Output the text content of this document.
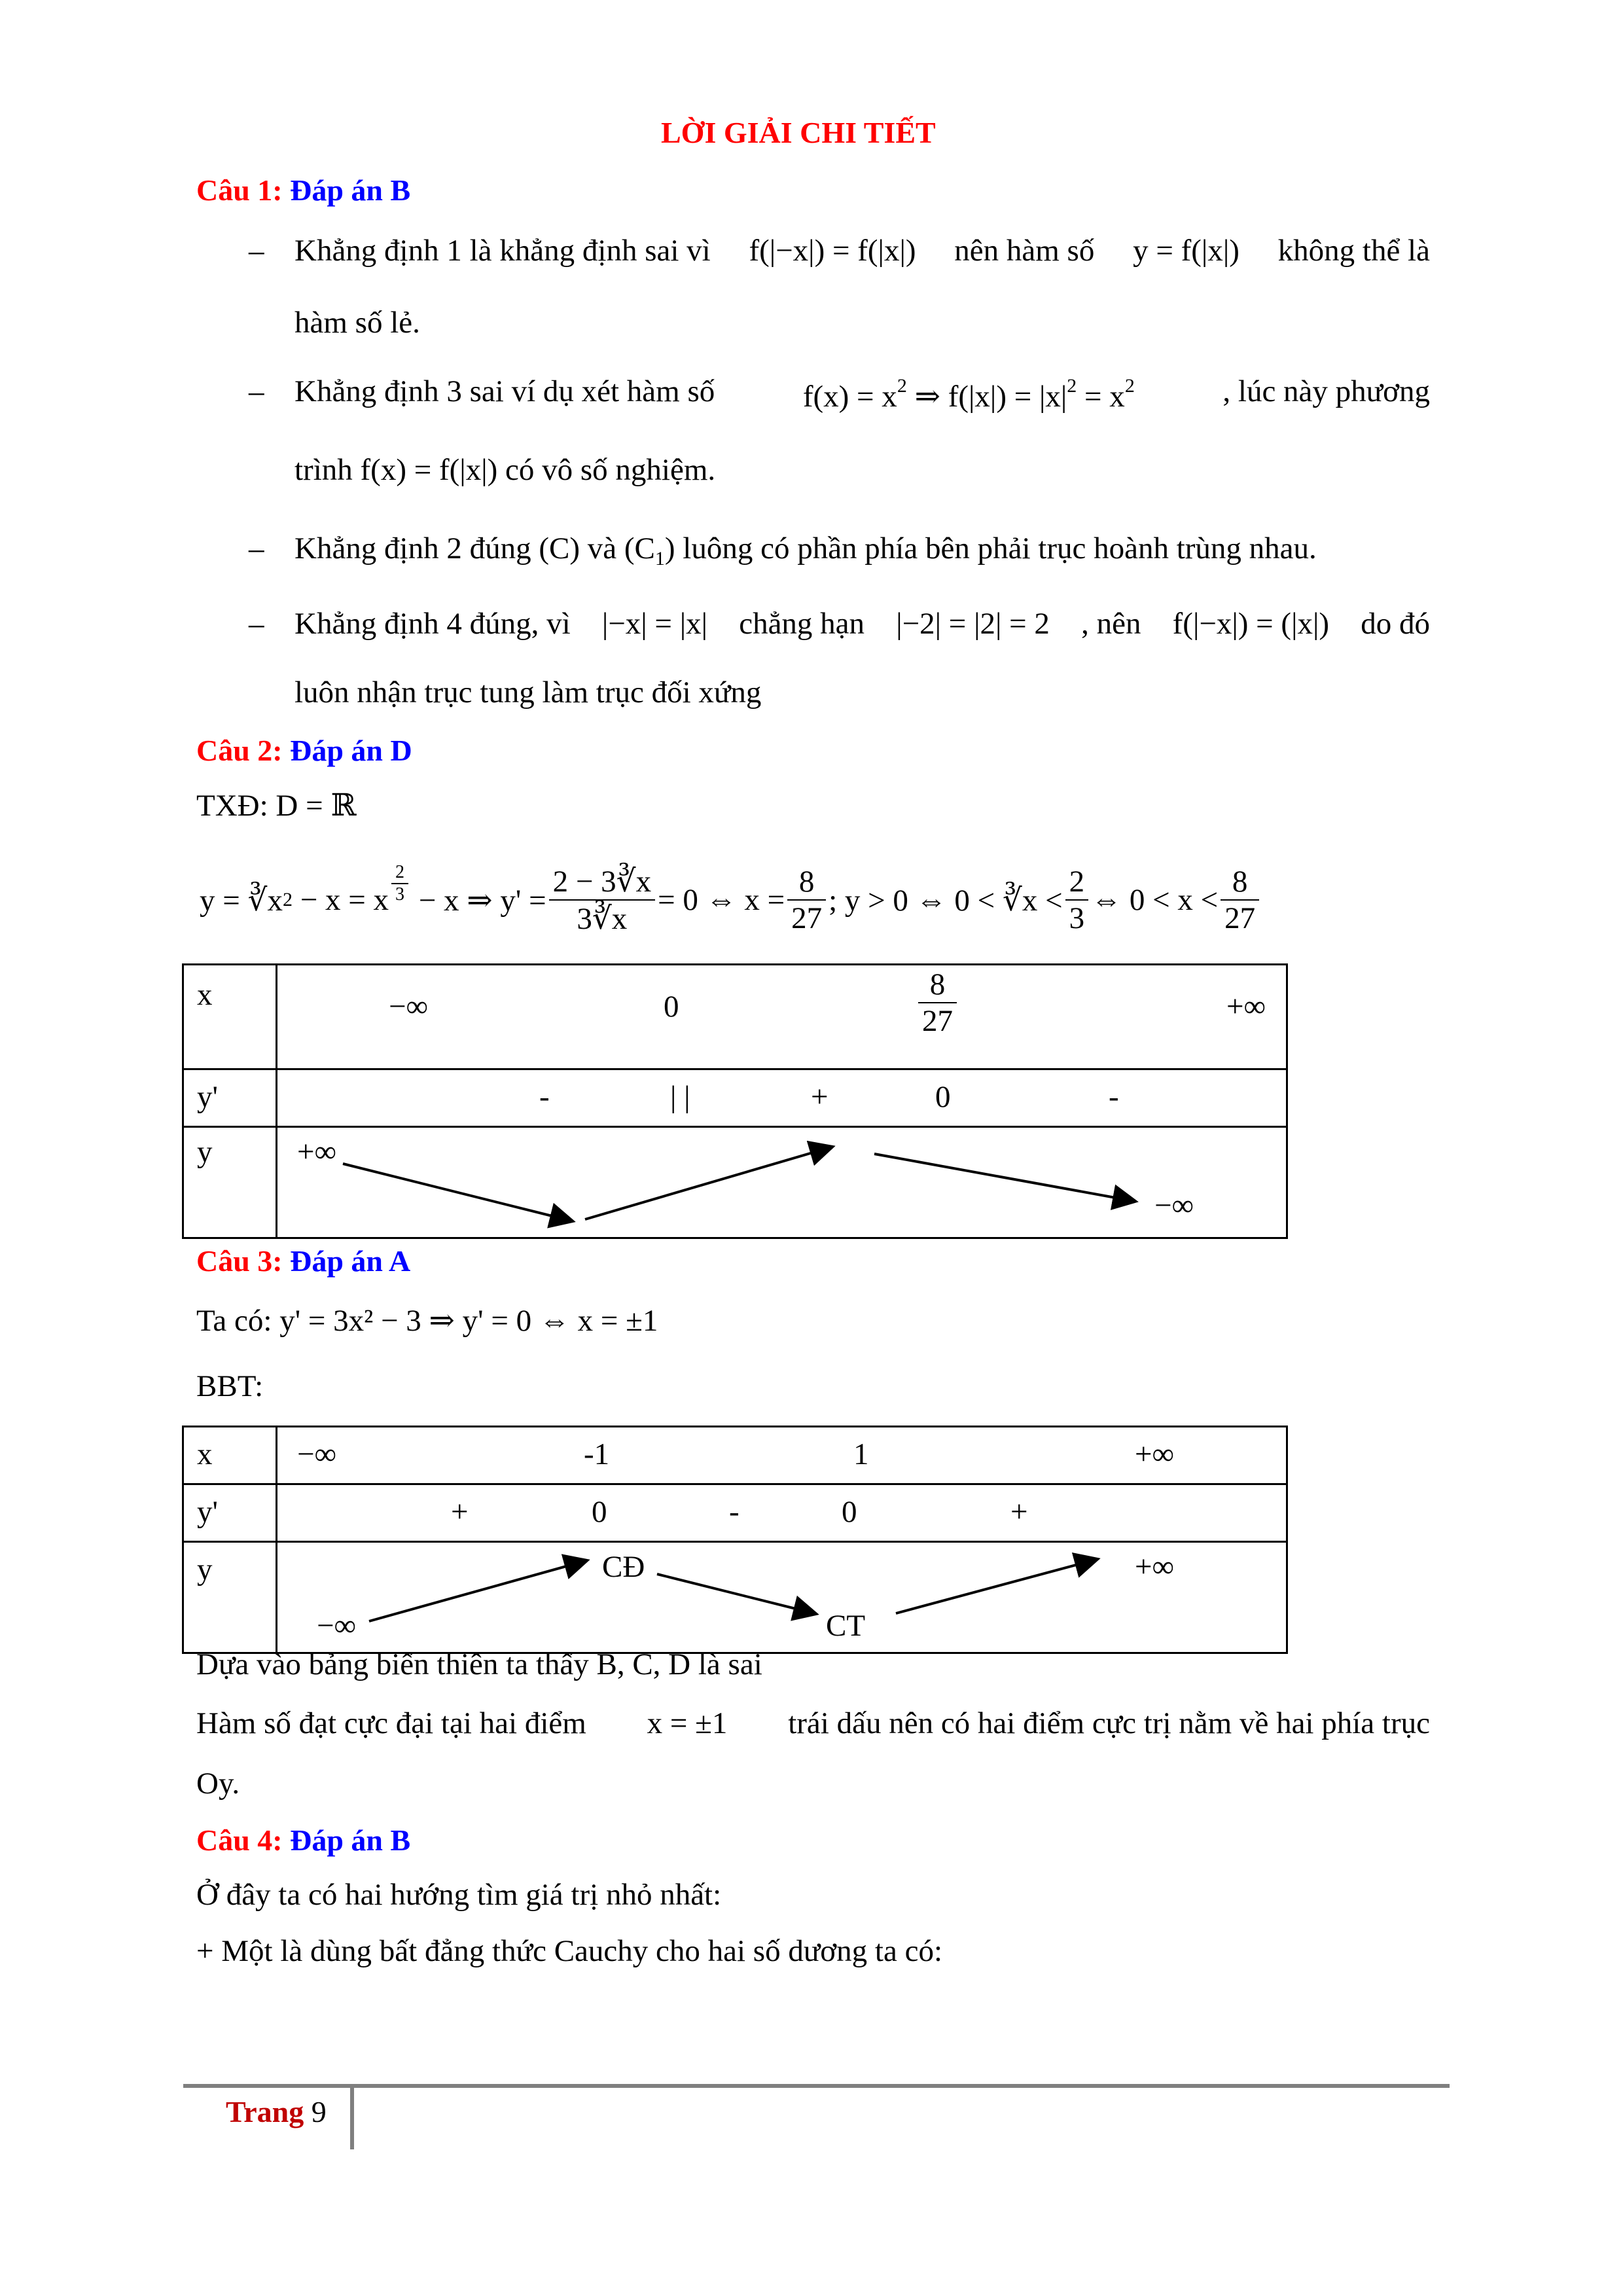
LỜI GIẢI CHI TIẾT
Câu 1: Đáp án B
– Khẳng định 1 là khẳng định sai vì f(|−x|) = f(|x|) nên hàm số y = f(|x|) không thể là
hàm số lẻ.
– Khẳng định 3 sai ví dụ xét hàm số	$f(x) = x^2$ ⇒ $f(|x|) = |x|^2 = x^2$	, lúc này phương
trình f(x) = f(|x|) có vô số nghiệm.
– Khẳng định 2 đúng (C) và $(C_1)$ luông có phần phía bên phải trục hoành trùng nhau.
– Khẳng định 4 đúng, vì |−x| = |x| chẳng hạn |−2| = |2| = 2 , nên f(|−x|) = (|x|) do đó
luôn nhận trục tung làm trục đối xứng
Câu 2: Đáp án D
TXĐ: D = ℝ
y = ∛x 2
− x = x $\frac{2}{3}$
− x ⇒ $y' = \frac{2 - 3∛x}{3∛x} = 0$ ⇔ $x = \frac{8}{27}$ ; y > 0 ⇔ 0 < ∛x < $\frac{2}{3}$ ⇔ $0 < x < \frac{8}{27}$
x	−∞ $0 \frac{8}{27}$ +∞

y'	- | | + 0 -

y	+∞
−∞
Câu 3: Đáp án A
Ta có: y' = 3x² − 3 ⇒ y' = 0 ⇔ x = ±1
BBT:
x	−∞ -1 1 +∞

y'	+ 0 - 0 +

y	CĐ +∞
−∞ CT
Dựa vào bảng biến thiên ta thấy B, C, D là sai
Hàm số đạt cực đại tại hai điểm x = ±1 trái dấu nên có hai điểm cực trị nằm về hai phía trục
Oy.
Câu 4: Đáp án B
Ở đây ta có hai hướng tìm giá trị nhỏ nhất:
+ Một là dùng bất đẳng thức Cauchy cho hai số dương ta có:
Trang 9
